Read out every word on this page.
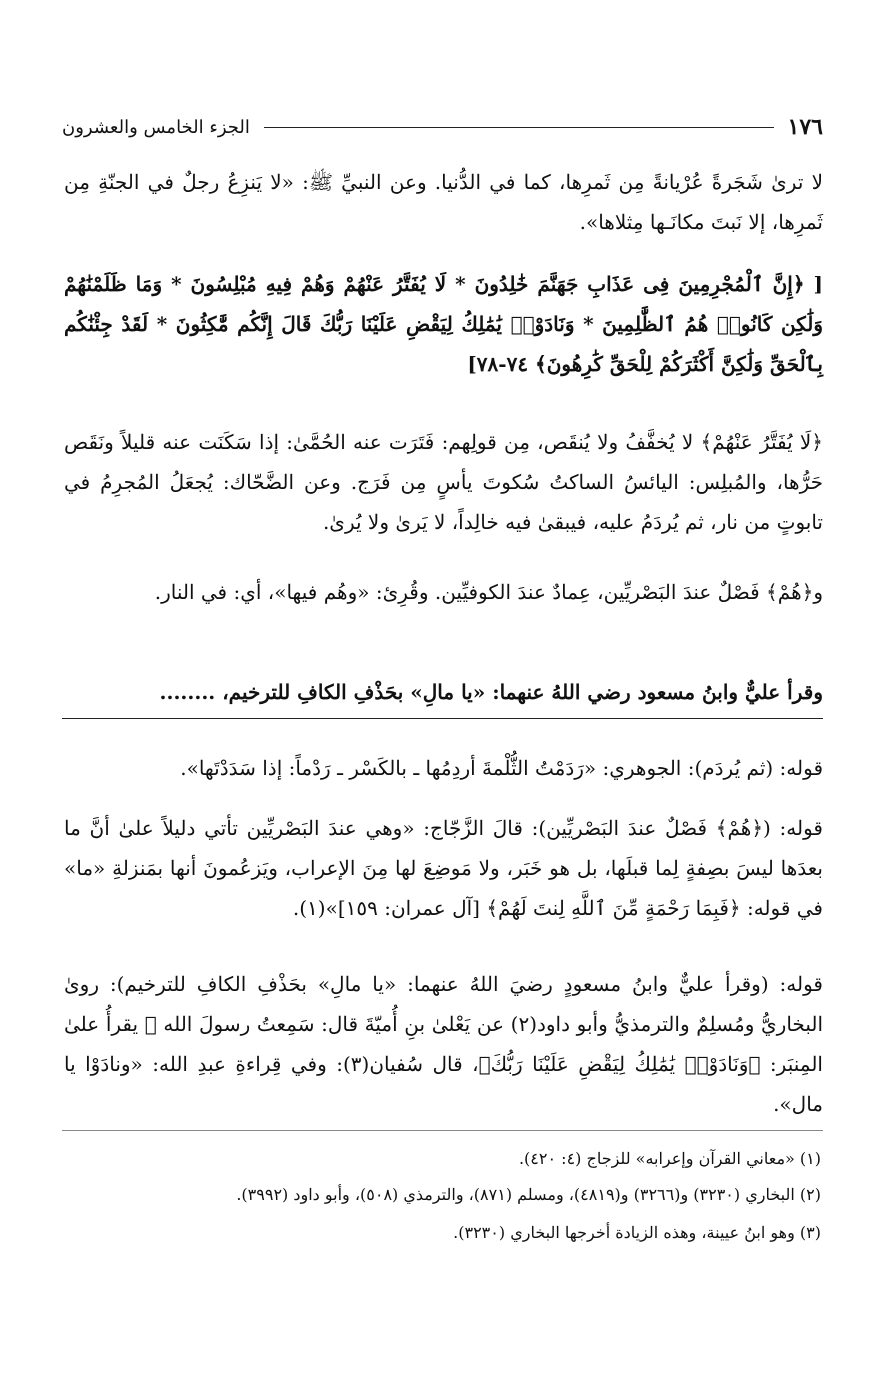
١٧٦
الجزء الخامس والعشرون

لا ترىٰ شَجَرةً عُرْيانةً مِن ثَمرِها، كما في الدُّنيا. وعن النبيِّ ﷺ: «لا يَنزِعُ رجلٌ في الجنّةِ مِن ثَمرِها، إلا نَبتَ مكانَـها مِثلاها».

[ ﴿إِنَّ ٱلْمُجْرِمِينَ فِى عَذَابِ جَهَنَّمَ خَٰلِدُونَ * لَا يُفَتَّرُ عَنْهُمْ وَهُمْ فِيهِ مُبْلِسُونَ * وَمَا ظَلَمْنَٰهُمْ وَلَٰكِن كَانُوا۟ هُمُ ٱلظَّٰلِمِينَ * وَنَادَوْا۟ يَٰمَٰلِكُ لِيَقْضِ عَلَيْنَا رَبُّكَ قَالَ إِنَّكُم مَّٰكِثُونَ * لَقَدْ جِئْنَٰكُم بِٱلْحَقِّ وَلَٰكِنَّ أَكْثَرَكُمْ لِلْحَقِّ كَٰرِهُونَ﴾ ٧٤-٧٨]

﴿لَا يُفَتَّرُ عَنْهُمْ﴾ لا يُخفَّفُ ولا يُنقَص، مِن قولِهم: فَتَرَت عنه الحُمَّىٰ: إذا سَكَنَت عنه قليلاً ونَقَص حَرُّها، والمُبلِس: اليائسُ الساكتُ سُكوتَ يأسٍ مِن فَرَج. وعن الضَّحّاك: يُجعَلُ المُجرِمُ في تابوتٍ من نار، ثم يُردَمُ عليه، فيبقىٰ فيه خالِداً، لا يَرىٰ ولا يُرىٰ.

و﴿هُمْ﴾ فَصْلٌ عندَ البَصْريِّين، عِمادٌ عندَ الكوفيِّين. وقُرِئ: «وهُم فيها»، أي: في النار.

وقرأ عليٌّ وابنُ مسعود رضي اللهُ عنهما: «يا مالِ» بحَذْفِ الكافِ للترخيم، ........

قوله: (ثم يُردَم): الجوهري: «رَدَمْتُ الثُّلْمةَ أردِمُها ـ بالكَسْر ـ رَدْماً: إذا سَدَدْتَها».

قوله: (﴿هُمْ﴾ فَصْلٌ عندَ البَصْريِّين): قالَ الزَّجّاج: «وهي عندَ البَصْريِّين تأتي دليلاً علىٰ أنَّ ما بعدَها ليسَ بصِفةٍ لِما قبلَها، بل هو خَبَر، ولا مَوضِعَ لها مِنَ الإعراب، ويَزعُمونَ أنها بمَنزلةِ «ما» في قوله: ﴿فَبِمَا رَحْمَةٍ مِّنَ ٱللَّهِ لِنتَ لَهُمْ﴾ [آل عمران: ١٥٩]»(١).

قوله: (وقرأ عليٌّ وابنُ مسعودٍ رضيَ اللهُ عنهما: «يا مالِ» بحَذْفِ الكافِ للترخيم): روىٰ البخاريُّ ومُسلِمٌ والترمذيُّ وأبو داود(٢) عن يَعْلىٰ بنِ أُميّةَ قال: سَمِعتُ رسولَ الله ﷺ يقرأُ علىٰ المِنبَر: ﴿وَنَادَوْا۟ يَٰمَٰلِكُ لِيَقْضِ عَلَيْنَا رَبُّكَ﴾، قال سُفيان(٣): وفي قِراءةِ عبدِ الله: «ونادَوْا يا مال».

(١) «معاني القرآن وإعرابه» للزجاج (٤: ٤٢٠).

(٢) البخاري (٣٢٣٠) و(٣٢٦٦) و(٤٨١٩)، ومسلم (٨٧١)، والترمذي (٥٠٨)، وأبو داود (٣٩٩٢).

(٣) وهو ابنُ عيينة، وهذه الزيادة أخرجها البخاري (٣٢٣٠).
